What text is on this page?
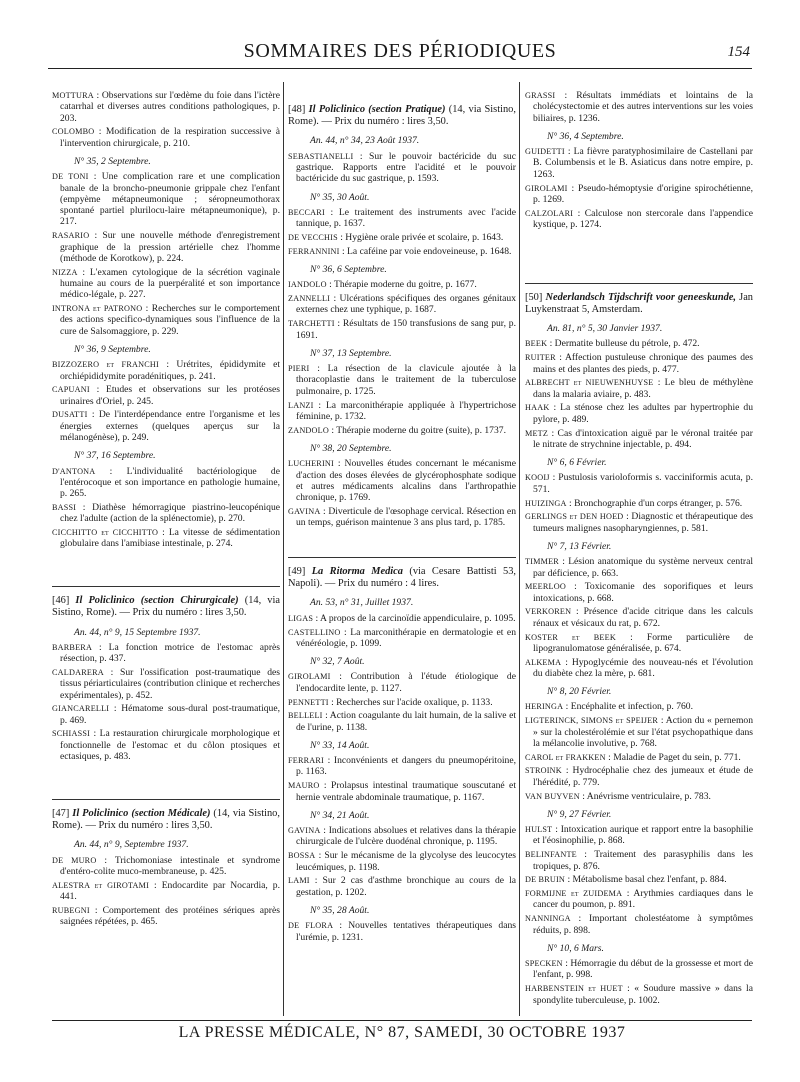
SOMMAIRES DES PÉRIODIQUES	154

MOTTURA : Observations sur l'œdème du foie dans l'ictère catarrhal et diverses autres conditions pathologiques, p. 203.

COLOMBO : Modification de la respiration successive à l'intervention chirurgicale, p. 210.

N° 35, 2 Septembre.

DE TONI : Une complication rare et une complication banale de la broncho-pneumonie grippale chez l'enfant (empyème métapneumonique ; séropneumothorax spontané partiel plurilocu-laire métapneumonique), p. 217.

RASARIO : Sur une nouvelle méthode d'enregistrement graphique de la pression artérielle chez l'homme (méthode de Korotkow), p. 224.

NIZZA : L'examen cytologique de la sécrétion vaginale humaine au cours de la puerpéralité et son importance médico-légale, p. 227.

INTRONA et PATRONO : Recherches sur le comportement des actions specifico-dynamiques sous l'influence de la cure de Salsomaggiore, p. 229.

N° 36, 9 Septembre.

BIZZOZERO et FRANCHI : Urétrites, épididymite et orchiépididymite poradénitiques, p. 241.

CAPUANI : Etudes et observations sur les protéoses urinaires d'Oriel, p. 245.

DUSATTI : De l'interdépendance entre l'organisme et les énergies externes (quelques aperçus sur la mélanogénèse), p. 249.

N° 37, 16 Septembre.

D'ANTONA : L'individualité bactériologique de l'entérocoque et son importance en pathologie humaine, p. 265.

BASSI : Diathèse hémorragique piastrino-leucopénique chez l'adulte (action de la splénectomie), p. 270.

CICCHITTO et CICCHITTO : La vitesse de sédimentation globulaire dans l'amibiase intestinale, p. 274.

[46] Il Policlinico (section Chirurgicale) (14, via Sistino, Rome). — Prix du numéro : lires 3,50.

An. 44, n° 9, 15 Septembre 1937.

BARBERA : La fonction motrice de l'estomac après résection, p. 437.

CALDARERA : Sur l'ossification post-traumatique des tissus périarticulaires (contribution clinique et recherches expérimentales), p. 452.

GIANCARELLI : Hématome sous-dural post-traumatique, p. 469.

SCHIASSI : La restauration chirurgicale morphologique et fonctionnelle de l'estomac et du côlon ptosiques et ectasiques, p. 483.

[47] Il Policlinico (section Médicale) (14, via Sistino, Rome). — Prix du numéro : lires 3,50.

An. 44, n° 9, Septembre 1937.

DE MURO : Trichomoniase intestinale et syndrome d'entéro-colite muco-membraneuse, p. 425.

ALESTRA et GIROTAMI : Endocardite par Nocardia, p. 441.

RUBEGNI : Comportement des protéines sériques après saignées répétées, p. 465.

[48] Il Policlinico (section Pratique) (14, via Sistino, Rome). — Prix du numéro : lires 3,50.

An. 44, n° 34, 23 Août 1937.

SEBASTIANELLI : Sur le pouvoir bactéricide du suc gastrique. Rapports entre l'acidité et le pouvoir bactéricide du suc gastrique, p. 1593.

N° 35, 30 Août.

BECCARI : Le traitement des instruments avec l'acide tannique, p. 1637.

DE VECCHIS : Hygiène orale privée et scolaire, p. 1643.

FERRANNINI : La caféine par voie endoveineuse, p. 1648.

N° 36, 6 Septembre.

IANDOLO : Thérapie moderne du goitre, p. 1677.

ZANNELLI : Ulcérations spécifiques des organes génitaux externes chez une typhique, p. 1687.

TARCHETTI : Résultats de 150 transfusions de sang pur, p. 1691.

N° 37, 13 Septembre.

PIERI : La résection de la clavicule ajoutée à la thoracoplastie dans le traitement de la tuberculose pulmonaire, p. 1725.

LANZI : La marconithérapie appliquée à l'hypertrichose féminine, p. 1732.

ZANDOLO : Thérapie moderne du goitre (suite), p. 1737.

N° 38, 20 Septembre.

LUCHERINI : Nouvelles études concernant le mécanisme d'action des doses élevées de glycérophosphate sodique et autres médicaments alcalins dans l'arthropathie chronique, p. 1769.

GAVINA : Diverticule de l'œsophage cervical. Résection en un temps, guérison maintenue 3 ans plus tard, p. 1785.

[49] La Ritorma Medica (via Cesare Battisti 53, Napoli). — Prix du numéro : 4 lires.

An. 53, n° 31, Juillet 1937.

LIGAS : A propos de la carcinoïdie appendiculaire, p. 1095.

CASTELLINO : La marconithérapie en dermatologie et en vénéréologie, p. 1099.

N° 32, 7 Août.

GIROLAMI : Contribution à l'étude étiologique de l'endocardite lente, p. 1127.

PENNETTI : Recherches sur l'acide oxalique, p. 1133.

BELLELI : Action coagulante du lait humain, de la salive et de l'urine, p. 1138.

N° 33, 14 Août.

FERRARI : Inconvénients et dangers du pneumopéritoine, p. 1163.

MAURO : Prolapsus intestinal traumatique souscutané et hernie ventrale abdominale traumatique, p. 1167.

N° 34, 21 Août.

GAVINA : Indications absolues et relatives dans la thérapie chirurgicale de l'ulcère duodénal chronique, p. 1195.

BOSSA : Sur le mécanisme de la glycolyse des leucocytes leucémiques, p. 1198.

LAMI : Sur 2 cas d'asthme bronchique au cours de la gestation, p. 1202.

N° 35, 28 Août.

DE FLORA : Nouvelles tentatives thérapeutiques dans l'urémie, p. 1231.

GRASSI : Résultats immédiats et lointains de la cholécystectomie et des autres interventions sur les voies biliaires, p. 1236.

N° 36, 4 Septembre.

GUIDETTI : La fièvre paratyphosimilaire de Castellani par B. Columbensis et le B. Asiaticus dans notre empire, p. 1263.

GIROLAMI : Pseudo-hémoptysie d'origine spirochétienne, p. 1269.

CALZOLARI : Calculose non stercorale dans l'appendice kystique, p. 1274.

[50] Nederlandsch Tijdschrift voor geneeskunde, Jan Luykenstraat 5, Amsterdam.

An. 81, n° 5, 30 Janvier 1937.

BEEK : Dermatite bulleuse du pétrole, p. 472.

RUITER : Affection pustuleuse chronique des paumes des mains et des plantes des pieds, p. 477.

ALBRECHT et NIEUWENHUYSE : Le bleu de méthylène dans la malaria aviaire, p. 483.

HAAK : La sténose chez les adultes par hypertrophie du pylore, p. 489.

METZ : Cas d'intoxication aiguë par le véronal traitée par le nitrate de strychnine injectable, p. 494.

N° 6, 6 Février.

KOOIJ : Pustulosis varioloformis s. vacciniformis acuta, p. 571.

HUIZINGA : Bronchographie d'un corps étranger, p. 576.

GERLINGS et DEN HOED : Diagnostic et thérapeutique des tumeurs malignes nasopharyngiennes, p. 581.

N° 7, 13 Février.

TIMMER : Lésion anatomique du système nerveux central par déficience, p. 663.

MEERLOO : Toxicomanie des soporifiques et leurs intoxications, p. 668.

VERKOREN : Présence d'acide citrique dans les calculs rénaux et vésicaux du rat, p. 672.

KOSTER et BEEK : Forme particulière de lipogranulomatose généralisée, p. 674.

ALKEMA : Hypoglycémie des nouveau-nés et l'évolution du diabète chez la mère, p. 681.

N° 8, 20 Février.

HERINGA : Encéphalite et infection, p. 760.

LIGTERINCK, SIMONS et SPEIJER : Action du « pernemon » sur la cholestérolémie et sur l'état psychopathique dans la mélancolie involutive, p. 768.

CAROL et FRAKKEN : Maladie de Paget du sein, p. 771.

STROINK : Hydrocéphalie chez des jumeaux et étude de l'hérédité, p. 779.

VAN BUYVEN : Anévrisme ventriculaire, p. 783.

N° 9, 27 Février.

HULST : Intoxication aurique et rapport entre la basophilie et l'éosinophilie, p. 868.

BELINFANTE : Traitement des parasyphilis dans les tropiques, p. 876.

DE BRUIN : Métabolisme basal chez l'enfant, p. 884.

FORMIJNE et ZUIDEMA : Arythmies cardiaques dans le cancer du poumon, p. 891.

NANNINGA : Important cholestéatome à symptômes réduits, p. 898.

N° 10, 6 Mars.

SPECKEN : Hémorragie du début de la grossesse et mort de l'enfant, p. 998.

HARBENSTEIN et HUET : « Soudure massive » dans la spondylite tuberculeuse, p. 1002.

LA PRESSE MÉDICALE, N° 87, SAMEDI, 30 OCTOBRE 1937
